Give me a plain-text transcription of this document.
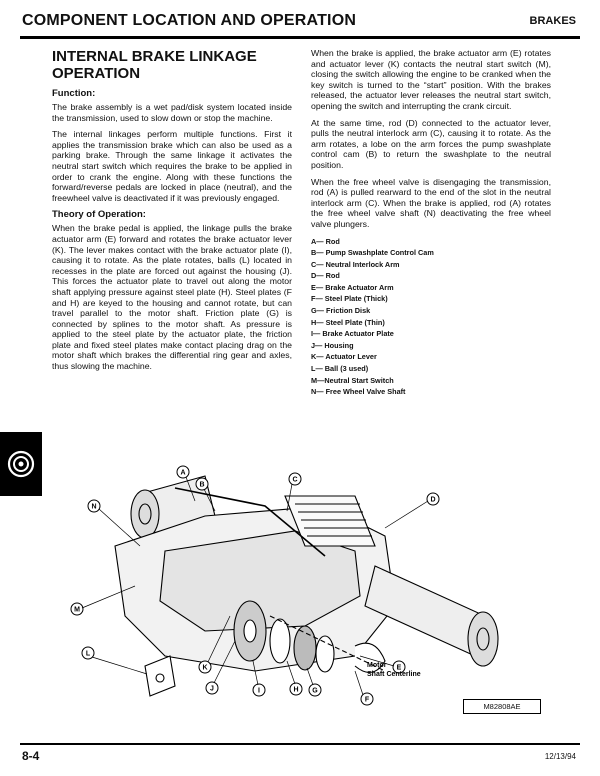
COMPONENT LOCATION AND OPERATION	BRAKES
INTERNAL BRAKE LINKAGE
OPERATION
Function:

The brake assembly is a wet pad/disk system located inside the transmission, used to slow down or stop the machine.

The internal linkages perform multiple functions. First it applies the transmission brake which can also be used as a parking brake. Through the same linkage it activates the neutral start switch which requires the brake to be applied in order to crank the engine. Along with these functions the forward/reverse pedals are locked in place (neutral), and the freewheel valve is deactivated if it was previously engaged.

Theory of Operation:

When the brake pedal is applied, the linkage pulls the brake actuator arm (E) forward and rotates the brake actuator lever (K). The lever makes contact with the brake actuator plate (I), causing it to rotate. As the plate rotates, balls (L) located in recesses in the plate are forced out against the housing (J). This forces the actuator plate to travel out along the motor shaft applying pressure against steel plate (H). Steel plates (F and H) are keyed to the housing and cannot rotate, but can travel parallel to the motor shaft. Friction plate (G) is connected by splines to the motor shaft. As pressure is applied to the steel plate by the actuator plate, the friction plate and fixed steel plates make contact placing drag on the motor shaft which brakes the differential ring gear and axles, thus slowing the machine.

When the brake is applied, the brake actuator arm (E) rotates and actuator lever (K) contacts the neutral start switch (M), closing the switch allowing the engine to be cranked when the key switch is turned to the “start” position. With the brakes released, the actuator lever releases the neutral start switch, opening the switch and interrupting the crank circuit.

At the same time, rod (D) connected to the actuator lever, pulls the neutral interlock arm (C), causing it to rotate. As the arm rotates, a lobe on the arm forces the pump swashplate control cam (B) to return the swashplate to the neutral position.

When the free wheel valve is disengaging the transmission, rod (A) is pulled rearward to the end of the slot in the neutral interlock arm (C). When the brake is applied, rod (A) rotates the free wheel valve shaft (N) deactivating the free wheel valve plungers.

A— Rod
B— Pump Swashplate Control Cam
C— Neutral Interlock Arm
D— Rod
E— Brake Actuator Arm
F— Steel Plate (Thick)
G— Friction Disk
H— Steel Plate (Thin)
I— Brake Actuator Plate
J— Housing
K— Actuator Lever
L— Ball (3 used)
M—Neutral Start Switch
N— Free Wheel Valve Shaft
A
B
C
D
E
F
G
H
I
J
K
L
M
N
Motor
Shaft Centerline
M82808AE
8-4	12/13/94
